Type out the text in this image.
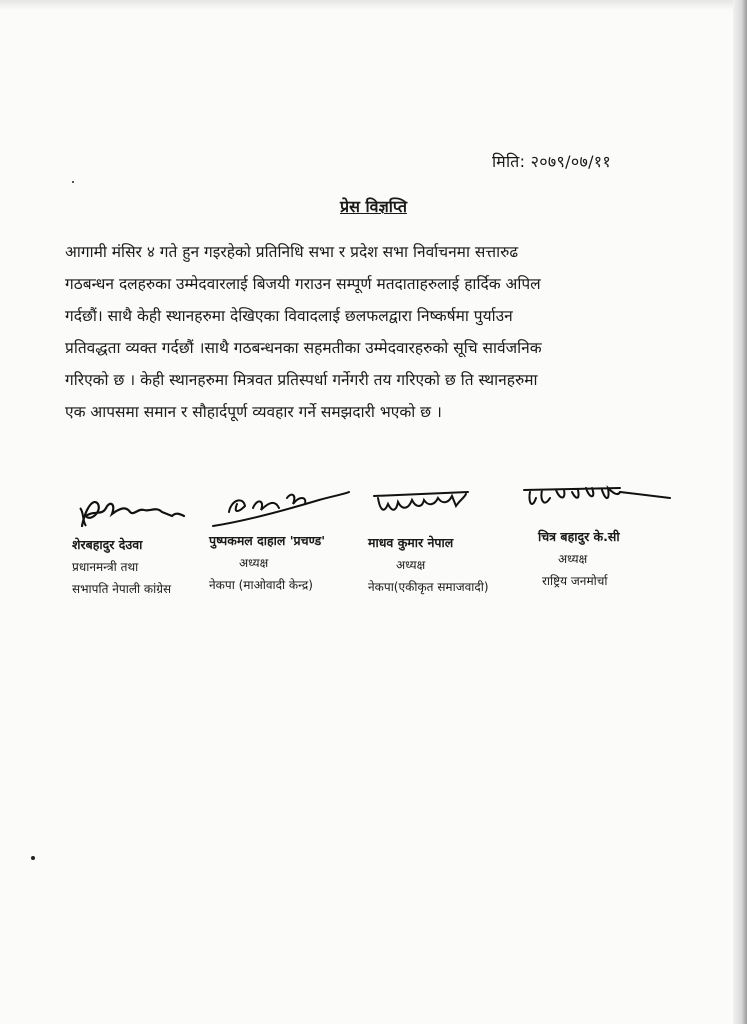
मिति: २०७९/०७/११
प्रेस विज्ञप्ति
आगामी मंसिर ४ गते हुन गइरहेको प्रतिनिधि सभा र प्रदेश सभा निर्वाचनमा सत्तारुढ
गठबन्धन दलहरुका उम्मेदवारलाई बिजयी गराउन सम्पूर्ण मतदाताहरुलाई हार्दिक अपिल
गर्दछौं। साथै केही स्थानहरुमा देखिएका विवादलाई छलफलद्वारा निष्कर्षमा पुर्याउन
प्रतिवद्धता व्यक्त गर्दछौं ।साथै गठबन्धनका सहमतीका उम्मेदवारहरुको सूचि सार्वजनिक
गरिएको छ । केही स्थानहरुमा मित्रवत प्रतिस्पर्धा गर्नेगरी तय गरिएको छ ति स्थानहरुमा
एक आपसमा समान र सौहार्दपूर्ण व्यवहार गर्ने समझदारी भएको छ ।
शेरबहादुर देउवा
प्रधानमन्त्री तथा
सभापति नेपाली कांग्रेस
पुष्पकमल दाहाल 'प्रचण्ड'
अध्यक्ष
नेकपा (माओवादी केन्द्र)
माधव कुमार नेपाल
अध्यक्ष
नेकपा(एकीकृत समाजवादी)
चित्र बहादुर के.सी
अध्यक्ष
राष्ट्रिय जनमोर्चा
